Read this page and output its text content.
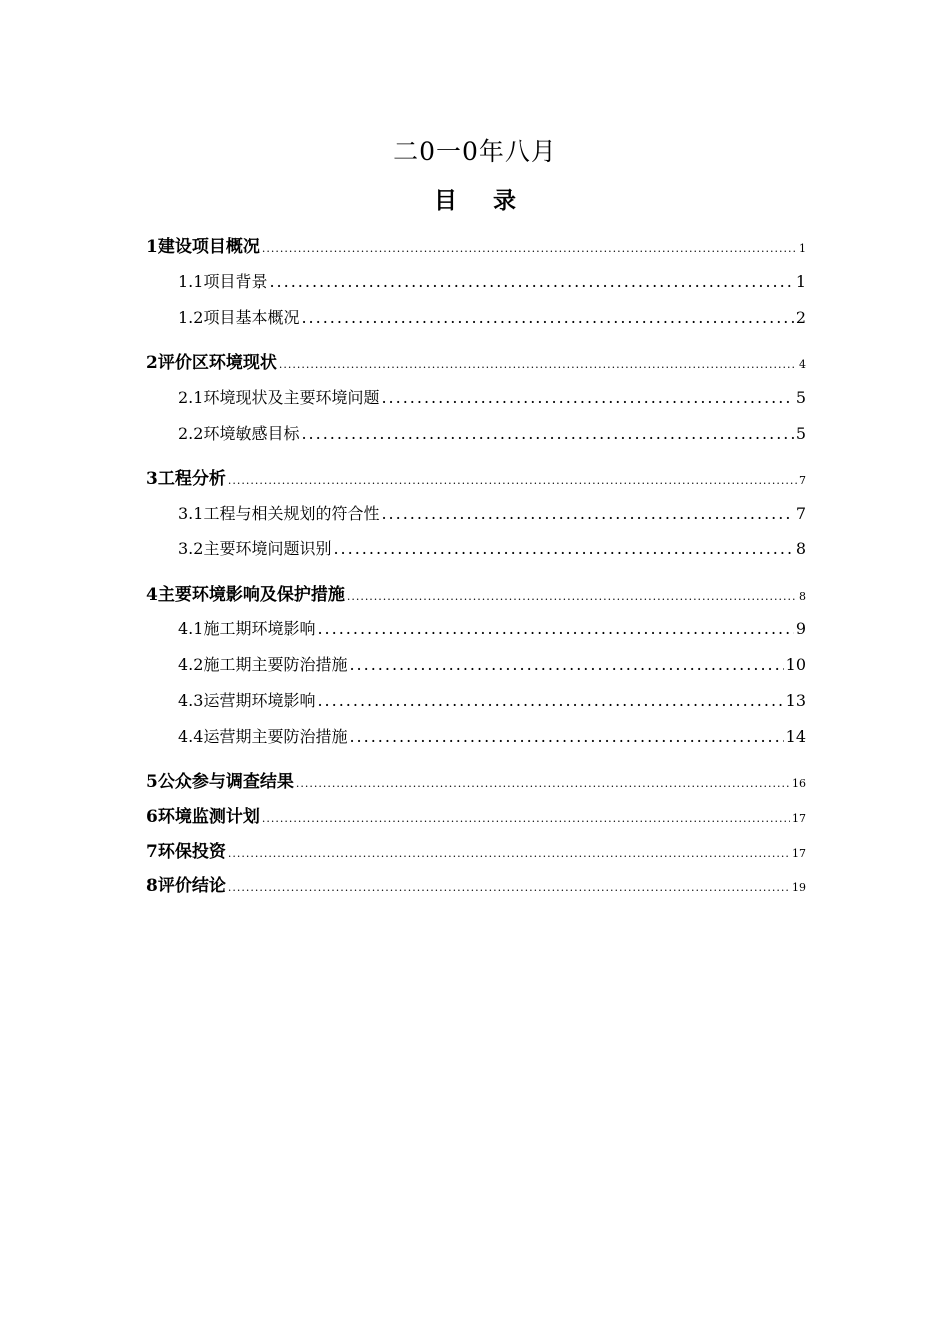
二0一0年八月
目录
1建设项目概况 .....	1
1.1项目背景 .....	1
1.2项目基本概况 .....	2
2评价区环境现状 .....	4
2.1环境现状及主要环境问题 .....	5
2.2环境敏感目标 .....	5
3工程分析 .....	7
3.1工程与相关规划的符合性 .....	7
3.2主要环境问题识别 .....	8
4主要环境影响及保护措施 .....	8
4.1施工期环境影响 .....	9
4.2施工期主要防治措施 .....	10
4.3运营期环境影响 .....	13
4.4运营期主要防治措施 .....	14
5公众参与调查结果 .....	16
6环境监测计划 .....	17
7环保投资 .....	17
8评价结论 .....	19
